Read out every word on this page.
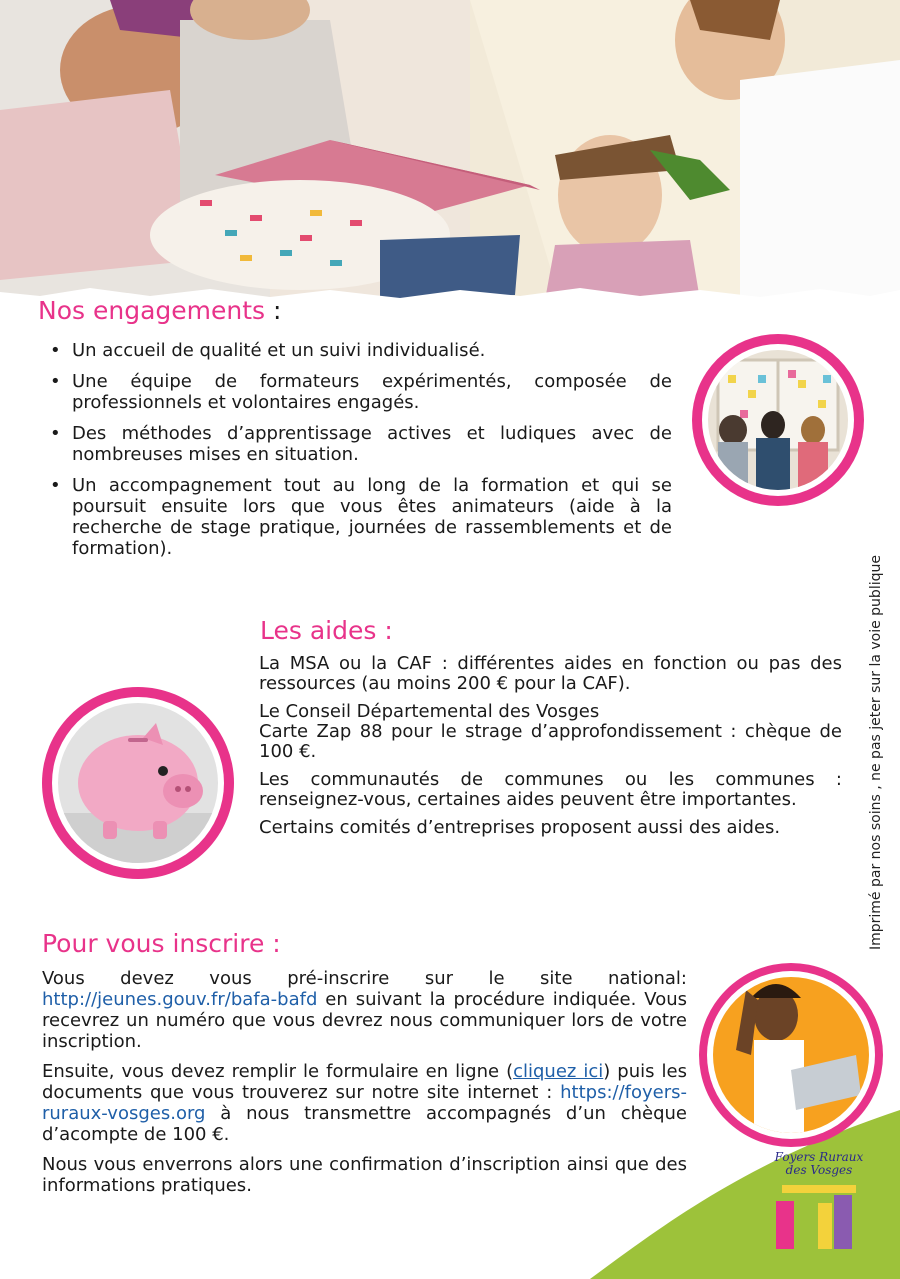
Nos engagements :
• Un accueil de qualité et un suivi individualisé.
• Une équipe de formateurs expérimentés, composée de professionnels et volontaires engagés.
• Des méthodes d’apprentissage actives et ludiques avec de nombreuses mises en situation.
• Un accompagnement tout au long de la formation et qui se poursuit ensuite lors que vous êtes animateurs (aide à la recherche de stage pratique, journées de rassemblements et de formation).
Les aides :

La MSA ou la CAF : différentes aides en fonction ou pas des ressources (au moins 200 € pour la CAF).

Le Conseil Départemental des Vosges
Carte Zap 88 pour le strage d’approfondissement : chèque de 100 €.

Les communautés de communes ou les communes : renseignez-vous, certaines aides peuvent être importantes.

Certains comités d’entreprises proposent aussi des aides.

Pour vous inscrire :

Vous devez vous pré-inscrire sur le site national: http://jeunes.gouv.fr/bafa-bafd en suivant la procédure indiquée. Vous recevrez un numéro que vous devrez nous communiquer lors de votre inscription.

Ensuite, vous devez remplir le formulaire en ligne (cliquez ici) puis les documents que vous trouverez sur notre site internet : https://foyers-ruraux-vosges.org à nous transmettre accompagnés d’un chèque d’acompte de 100 €.

Nous vous enverrons alors une confirmation d’inscription ainsi que des informations pratiques.

Imprimé par nos soins , ne pas jeter sur la voie publique
Foyers Ruraux
des Vosges
